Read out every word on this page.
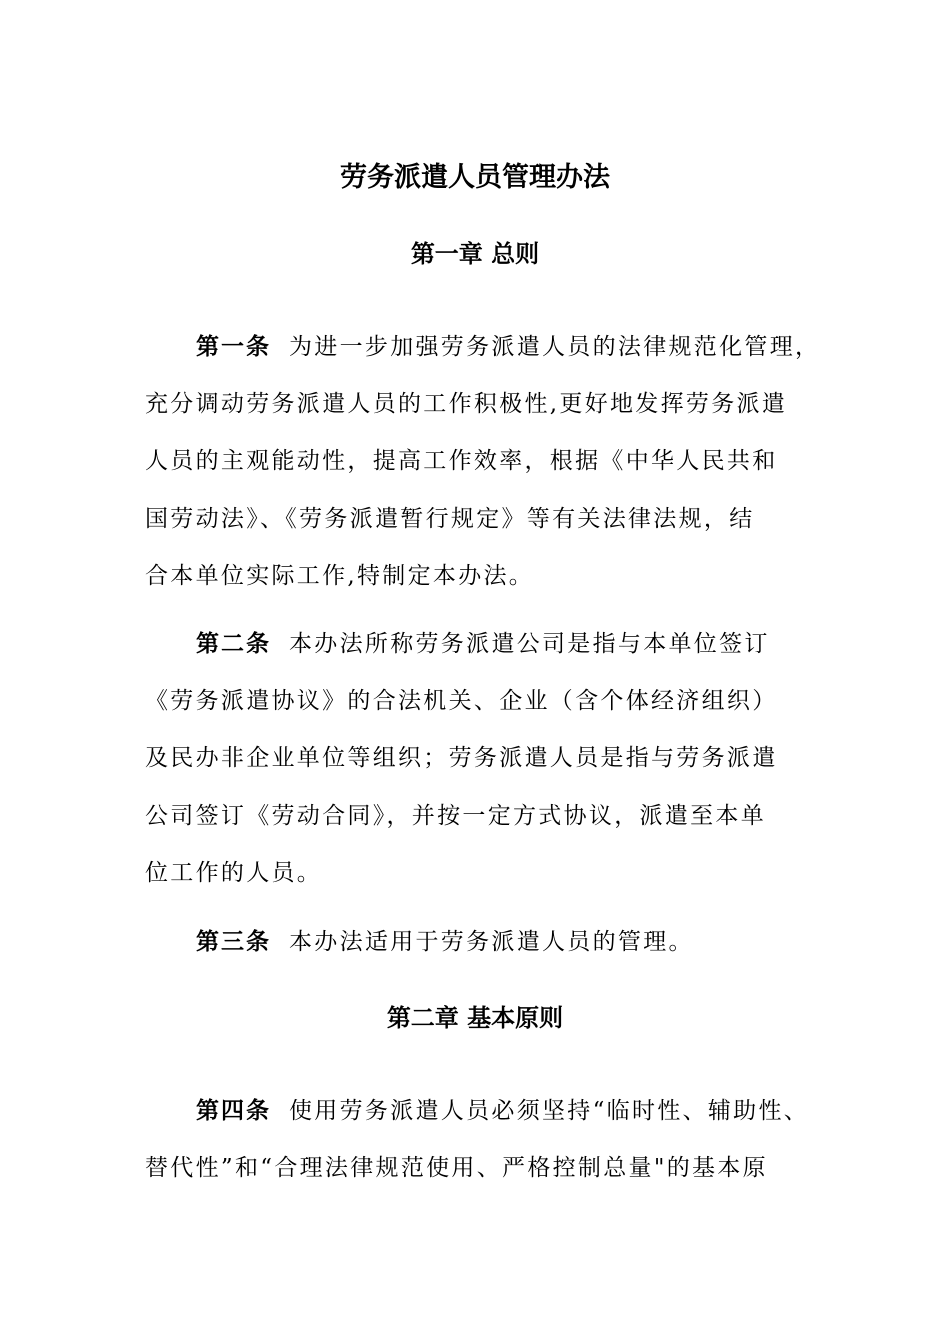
劳务派遣人员管理办法
第一章 总则
第一条 为进一步加强劳务派遣人员的法律规范化管理，
充分调动劳务派遣人员的工作积极性,更好地发挥劳务派遣
人员的主观能动性，提高工作效率，根据《中华人民共和
国劳动法》、《劳务派遣暂行规定》等有关法律法规，结
合本单位实际工作,特制定本办法。
第二条 本办法所称劳务派遣公司是指与本单位签订
《劳务派遣协议》的合法机关、企业（含个体经济组织）
及民办非企业单位等组织；劳务派遣人员是指与劳务派遣
公司签订《劳动合同》，并按一定方式协议，派遣至本单
位工作的人员。
第三条 本办法适用于劳务派遣人员的管理。
第二章 基本原则
第四条 使用劳务派遣人员必须坚持“临时性、辅助性、
替代性”和“合理法律规范使用、严格控制总量"的基本原
